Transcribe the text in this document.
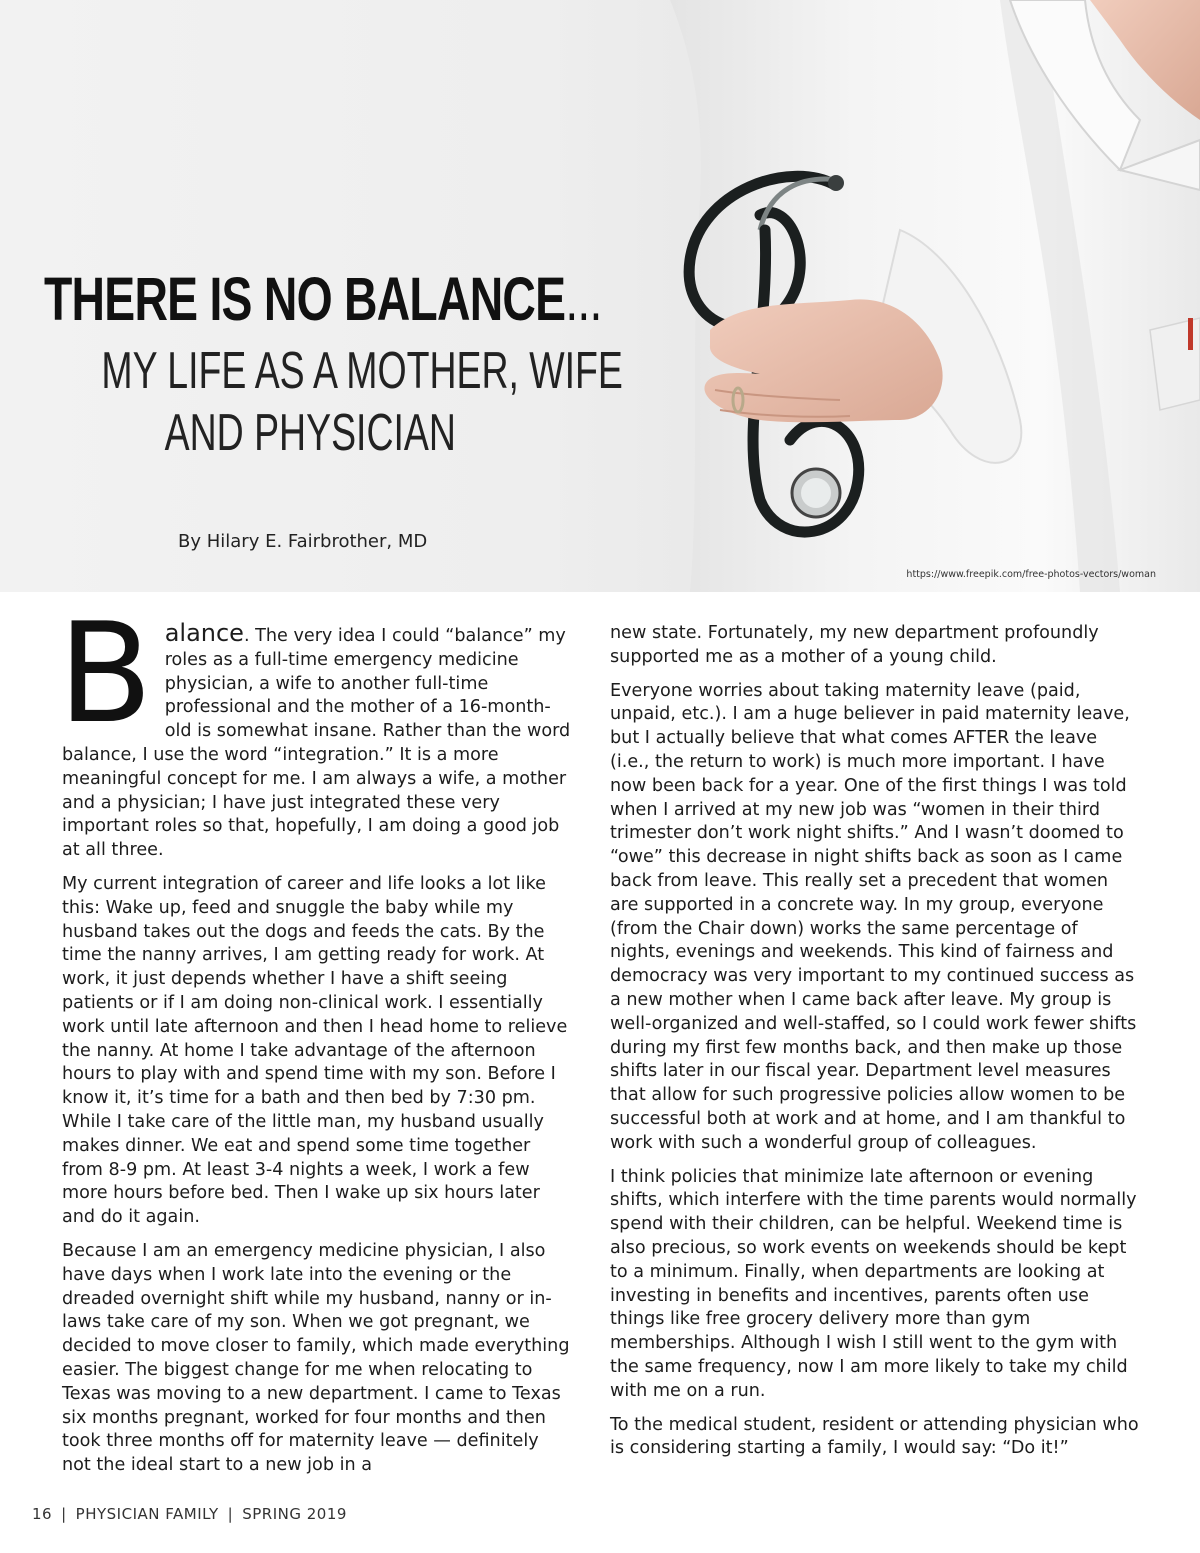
THERE IS NO BALANCE...
MY LIFE AS A MOTHER, WIFE
AND PHYSICIAN
By Hilary E. Fairbrother, MD
https://www.freepik.com/free-photos-vectors/woman

Balance. The very idea I could “balance” my roles as a full-time emergency medicine physician, a wife to another full-time professional and the mother of a 16-month-old is somewhat insane. Rather than the word balance, I use the word “integration.” It is a more meaningful concept for me. I am always a wife, a mother and a physician; I have just integrated these very important roles so that, hopefully, I am doing a good job at all three.

My current integration of career and life looks a lot like this: Wake up, feed and snuggle the baby while my husband takes out the dogs and feeds the cats. By the time the nanny arrives, I am getting ready for work. At work, it just depends whether I have a shift seeing patients or if I am doing non-clinical work. I essentially work until late afternoon and then I head home to relieve the nanny. At home I take advantage of the afternoon hours to play with and spend time with my son. Before I know it, it’s time for a bath and then bed by 7:30 pm. While I take care of the little man, my husband usually makes dinner. We eat and spend some time together from 8-9 pm. At least 3-4 nights a week, I work a few more hours before bed. Then I wake up six hours later and do it again.

Because I am an emergency medicine physician, I also have days when I work late into the evening or the dreaded overnight shift while my husband, nanny or in-laws take care of my son. When we got pregnant, we decided to move closer to family, which made everything easier. The biggest change for me when relocating to Texas was moving to a new department. I came to Texas six months pregnant, worked for four months and then took three months off for maternity leave — definitely not the ideal start to a new job in a

new state. Fortunately, my new department profoundly supported me as a mother of a young child.

Everyone worries about taking maternity leave (paid, unpaid, etc.). I am a huge believer in paid maternity leave, but I actually believe that what comes AFTER the leave (i.e., the return to work) is much more important. I have now been back for a year. One of the first things I was told when I arrived at my new job was “women in their third trimester don’t work night shifts.” And I wasn’t doomed to “owe” this decrease in night shifts back as soon as I came back from leave. This really set a precedent that women are supported in a concrete way. In my group, everyone (from the Chair down) works the same percentage of nights, evenings and weekends. This kind of fairness and democracy was very important to my continued success as a new mother when I came back after leave. My group is well-organized and well-staffed, so I could work fewer shifts during my first few months back, and then make up those shifts later in our fiscal year. Department level measures that allow for such progressive policies allow women to be successful both at work and at home, and I am thankful to work with such a wonderful group of colleagues.

I think policies that minimize late afternoon or evening shifts, which interfere with the time parents would normally spend with their children, can be helpful. Weekend time is also precious, so work events on weekends should be kept to a minimum. Finally, when departments are looking at investing in benefits and incentives, parents often use things like free grocery delivery more than gym memberships. Although I wish I still went to the gym with the same frequency, now I am more likely to take my child with me on a run.

To the medical student, resident or attending physician who is considering starting a family, I would say: “Do it!”

16 | PHYSICIAN FAMILY | SPRING 2019
